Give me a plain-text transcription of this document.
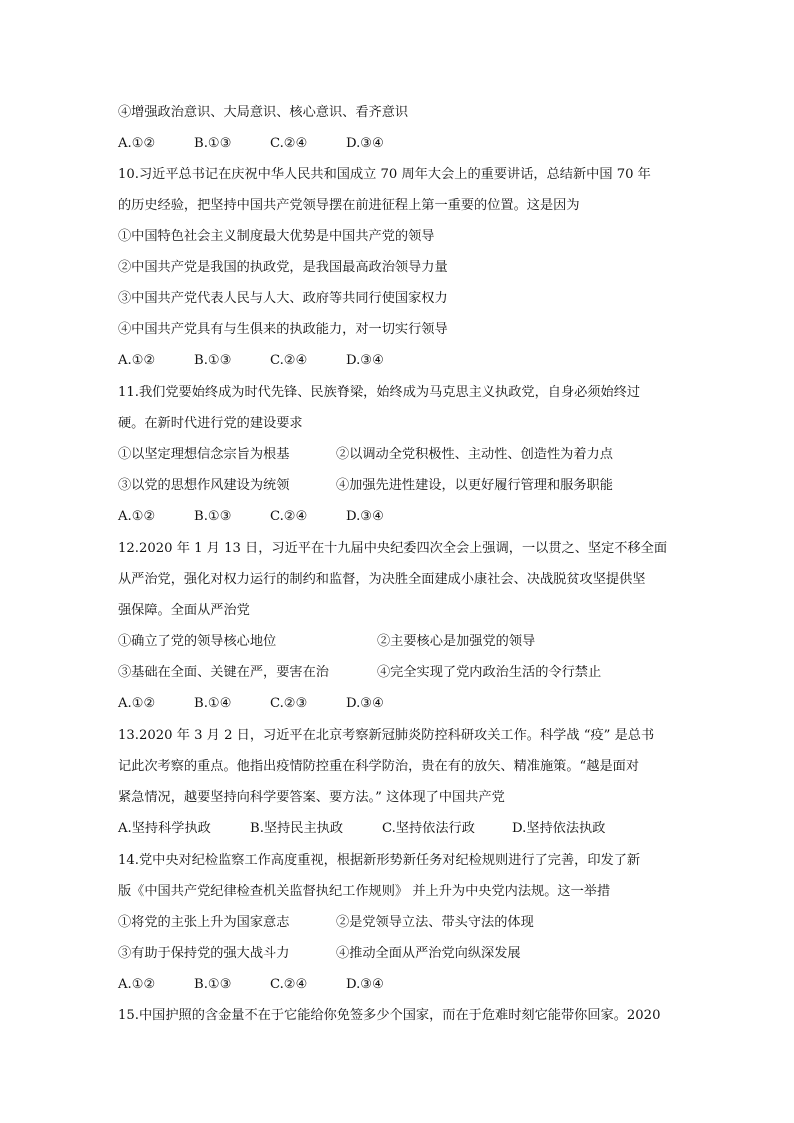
④增强政治意识、大局意识、核心意识、看齐意识
A.①②	B.①③	C.②④	D.③④
10.习近平总书记在庆祝中华人民共和国成立 70 周年大会上的重要讲话，总结新中国 70 年
的历史经验，把坚持中国共产党领导摆在前进征程上第一重要的位置。这是因为
①中国特色社会主义制度最大优势是中国共产党的领导
②中国共产党是我国的执政党，是我国最高政治领导力量
③中国共产党代表人民与人大、政府等共同行使国家权力
④中国共产党具有与生俱来的执政能力，对一切实行领导
A.①②	B.①③	C.②④	D.③④
11.我们党要始终成为时代先锋、民族脊梁，始终成为马克思主义执政党，自身必须始终过
硬。在新时代进行党的建设要求
①以坚定理想信念宗旨为根基	②以调动全党积极性、主动性、创造性为着力点
③以党的思想作风建设为统领	④加强先进性建设，以更好履行管理和服务职能
A.①②	B.①③	C.②④	D.③④
12.2020 年 1 月 13 日，习近平在十九届中央纪委四次全会上强调，一以贯之、坚定不移全面
从严治党，强化对权力运行的制约和监督，为决胜全面建成小康社会、决战脱贫攻坚提供坚
强保障。全面从严治党
①确立了党的领导核心地位	②主要核心是加强党的领导
③基础在全面、关键在严，要害在治	④完全实现了党内政治生活的令行禁止
A.①②	B.①④	C.②③	D.③④
13.2020 年 3 月 2 日，习近平在北京考察新冠肺炎防控科研攻关工作。科学战 “疫” 是总书
记此次考察的重点。他指出疫情防控重在科学防治，贵在有的放矢、精准施策。“越是面对
紧急情况，越要坚持向科学要答案、要方法。” 这体现了中国共产党
A.坚持科学执政	B.坚持民主执政	C.坚持依法行政	D.坚持依法执政
14.党中央对纪检监察工作高度重视，根据新形势新任务对纪检规则进行了完善，印发了新
版《中国共产党纪律检查机关监督执纪工作规则》 并上升为中央党内法规。这一举措
①将党的主张上升为国家意志	②是党领导立法、带头守法的体现
③有助于保持党的强大战斗力	④推动全面从严治党向纵深发展
A.①②	B.①③	C.②④	D.③④
15.中国护照的含金量不在于它能给你免签多少个国家，而在于危难时刻它能带你回家。2020
